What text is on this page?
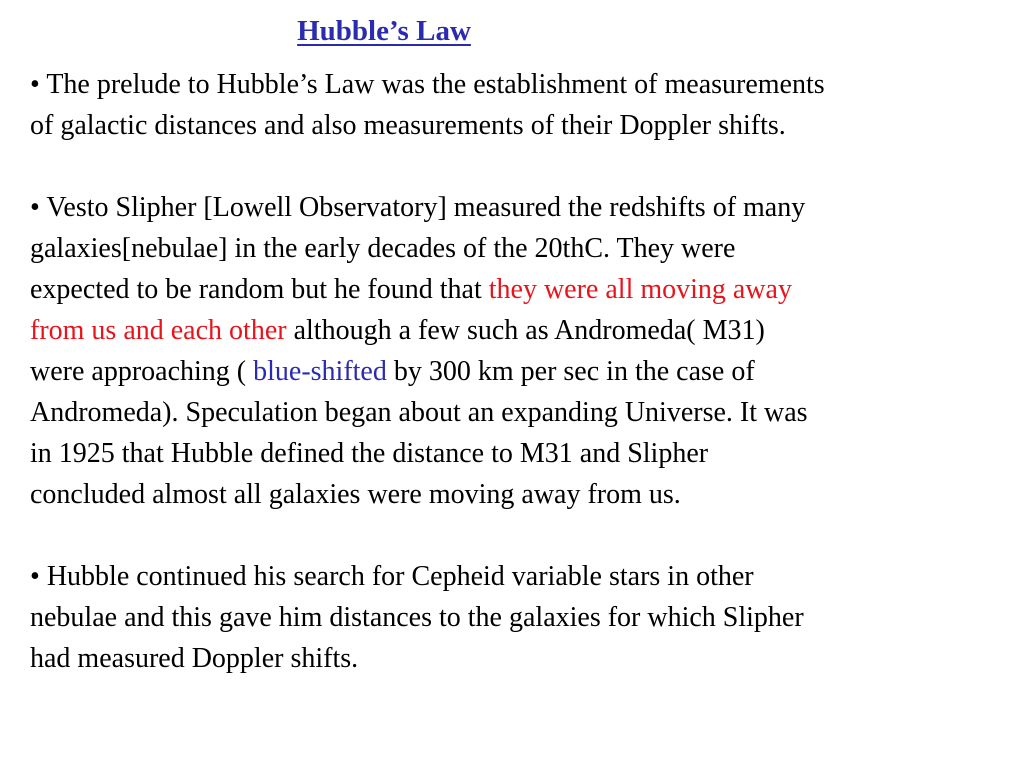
Hubble’s Law

• The prelude to Hubble’s Law was the establishment of measurements
of galactic distances and also measurements of their Doppler shifts.

• Vesto Slipher [Lowell Observatory] measured the redshifts of many
galaxies[nebulae] in the early decades of the 20thC. They were
expected to be random but he found that they were all moving away
from us and each other although a few such as Andromeda( M31)
were approaching ( blue-shifted by 300 km per sec in the case of
Andromeda). Speculation began about an expanding Universe. It was
in 1925 that Hubble defined the distance to M31 and Slipher
concluded almost all galaxies were moving away from us.

• Hubble continued his search for Cepheid variable stars in other
nebulae and this gave him distances to the galaxies for which Slipher
had measured Doppler shifts.
